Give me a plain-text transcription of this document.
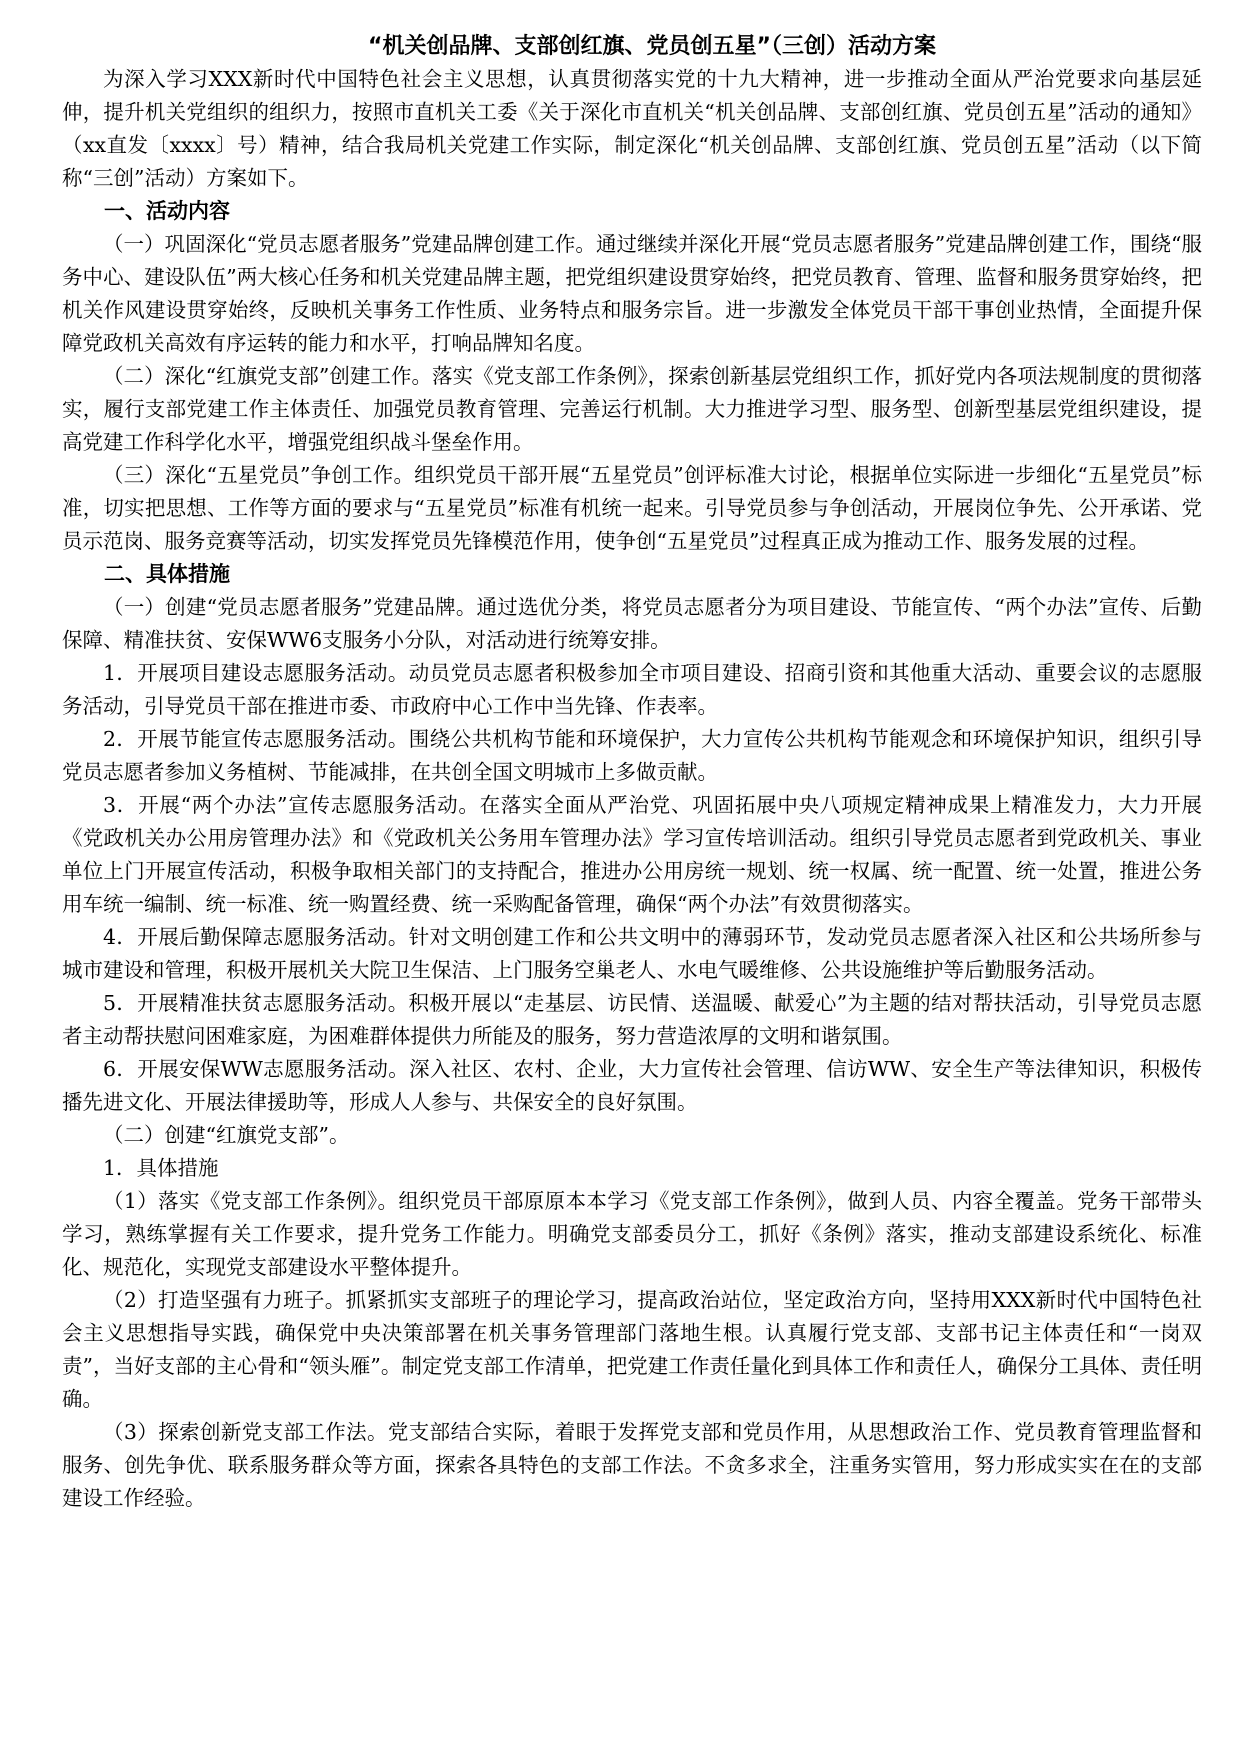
“机关创品牌、支部创红旗、党员创五星”（三创）活动方案

为深入学习XXX新时代中国特色社会主义思想，认真贯彻落实党的十九大精神，进一步推动全面从严治党要求向基层延伸，提升机关党组织的组织力，按照市直机关工委《关于深化市直机关“机关创品牌、支部创红旗、党员创五星”活动的通知》（xx直发〔xxxx〕号）精神，结合我局机关党建工作实际，制定深化“机关创品牌、支部创红旗、党员创五星”活动（以下简称“三创”活动）方案如下。

一、活动内容

（一）巩固深化“党员志愿者服务”党建品牌创建工作。通过继续并深化开展“党员志愿者服务”党建品牌创建工作，围绕“服务中心、建设队伍”两大核心任务和机关党建品牌主题，把党组织建设贯穿始终，把党员教育、管理、监督和服务贯穿始终，把机关作风建设贯穿始终，反映机关事务工作性质、业务特点和服务宗旨。进一步激发全体党员干部干事创业热情，全面提升保障党政机关高效有序运转的能力和水平，打响品牌知名度。

（二）深化“红旗党支部”创建工作。落实《党支部工作条例》，探索创新基层党组织工作，抓好党内各项法规制度的贯彻落实，履行支部党建工作主体责任、加强党员教育管理、完善运行机制。大力推进学习型、服务型、创新型基层党组织建设，提高党建工作科学化水平，增强党组织战斗堡垒作用。

（三）深化“五星党员”争创工作。组织党员干部开展“五星党员”创评标准大讨论，根据单位实际进一步细化“五星党员”标准，切实把思想、工作等方面的要求与“五星党员”标准有机统一起来。引导党员参与争创活动，开展岗位争先、公开承诺、党员示范岗、服务竞赛等活动，切实发挥党员先锋模范作用，使争创“五星党员”过程真正成为推动工作、服务发展的过程。

二、具体措施

（一）创建“党员志愿者服务”党建品牌。通过选优分类，将党员志愿者分为项目建设、节能宣传、“两个办法”宣传、后勤保障、精准扶贫、安保WW6支服务小分队，对活动进行统筹安排。

1．开展项目建设志愿服务活动。动员党员志愿者积极参加全市项目建设、招商引资和其他重大活动、重要会议的志愿服务活动，引导党员干部在推进市委、市政府中心工作中当先锋、作表率。

2．开展节能宣传志愿服务活动。围绕公共机构节能和环境保护，大力宣传公共机构节能观念和环境保护知识，组织引导党员志愿者参加义务植树、节能减排，在共创全国文明城市上多做贡献。

3．开展“两个办法”宣传志愿服务活动。在落实全面从严治党、巩固拓展中央八项规定精神成果上精准发力，大力开展《党政机关办公用房管理办法》和《党政机关公务用车管理办法》学习宣传培训活动。组织引导党员志愿者到党政机关、事业单位上门开展宣传活动，积极争取相关部门的支持配合，推进办公用房统一规划、统一权属、统一配置、统一处置，推进公务用车统一编制、统一标准、统一购置经费、统一采购配备管理，确保“两个办法”有效贯彻落实。

4．开展后勤保障志愿服务活动。针对文明创建工作和公共文明中的薄弱环节，发动党员志愿者深入社区和公共场所参与城市建设和管理，积极开展机关大院卫生保洁、上门服务空巢老人、水电气暖维修、公共设施维护等后勤服务活动。

5．开展精准扶贫志愿服务活动。积极开展以“走基层、访民情、送温暖、献爱心”为主题的结对帮扶活动，引导党员志愿者主动帮扶慰问困难家庭，为困难群体提供力所能及的服务，努力营造浓厚的文明和谐氛围。

6．开展安保WW志愿服务活动。深入社区、农村、企业，大力宣传社会管理、信访WW、安全生产等法律知识，积极传播先进文化、开展法律援助等，形成人人参与、共保安全的良好氛围。

（二）创建“红旗党支部”。

1．具体措施

（1）落实《党支部工作条例》。组织党员干部原原本本学习《党支部工作条例》，做到人员、内容全覆盖。党务干部带头学习，熟练掌握有关工作要求，提升党务工作能力。明确党支部委员分工，抓好《条例》落实，推动支部建设系统化、标准化、规范化，实现党支部建设水平整体提升。

（2）打造坚强有力班子。抓紧抓实支部班子的理论学习，提高政治站位，坚定政治方向，坚持用XXX新时代中国特色社会主义思想指导实践，确保党中央决策部署在机关事务管理部门落地生根。认真履行党支部、支部书记主体责任和“一岗双责”，当好支部的主心骨和“领头雁”。制定党支部工作清单，把党建工作责任量化到具体工作和责任人，确保分工具体、责任明确。

（3）探索创新党支部工作法。党支部结合实际，着眼于发挥党支部和党员作用，从思想政治工作、党员教育管理监督和服务、创先争优、联系服务群众等方面，探索各具特色的支部工作法。不贪多求全，注重务实管用，努力形成实实在在的支部建设工作经验。
